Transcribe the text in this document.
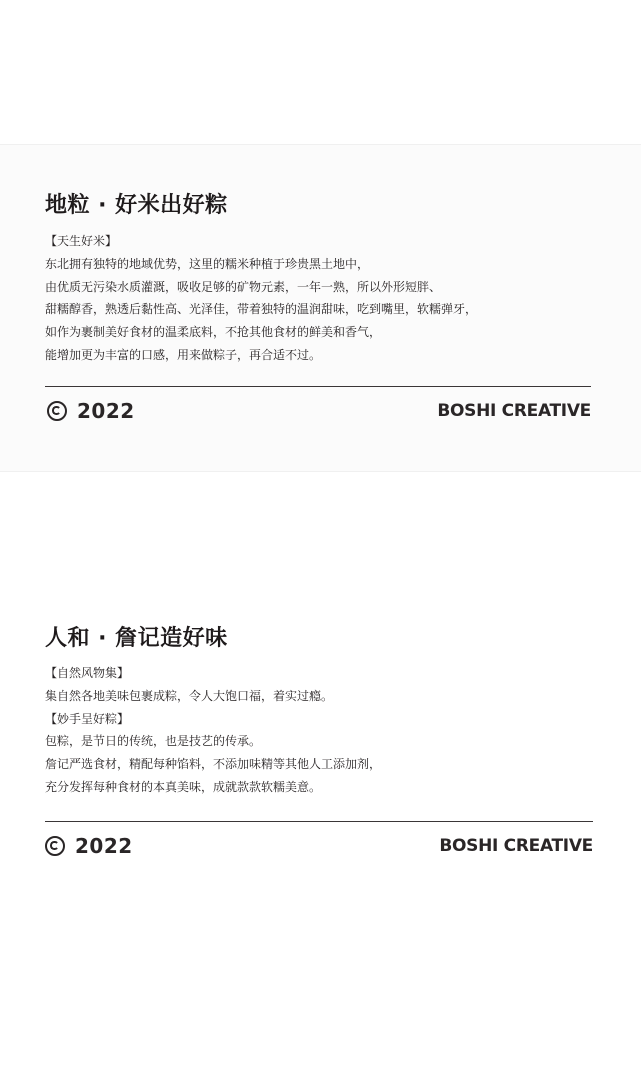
地粒 · 好米出好粽
【天生好米】
东北拥有独特的地域优势，这里的糯米种植于珍贵黑土地中，
由优质无污染水质灌溉，吸收足够的矿物元素，一年一熟，所以外形短胖、
甜糯醇香，熟透后黏性高、光泽佳，带着独特的温润甜味，吃到嘴里，软糯弹牙，
如作为裹制美好食材的温柔底料，不抢其他食材的鲜美和香气，
能增加更为丰富的口感，用来做粽子，再合适不过。
2022	BOSHI CREATIVE
人和 · 詹记造好味
【自然风物集】
集自然各地美味包裹成粽，令人大饱口福，着实过瘾。
【妙手呈好粽】
包粽，是节日的传统，也是技艺的传承。
詹记严选食材，精配每种馅料，不添加味精等其他人工添加剂，
充分发挥每种食材的本真美味，成就款款软糯美意。
2022	BOSHI CREATIVE
